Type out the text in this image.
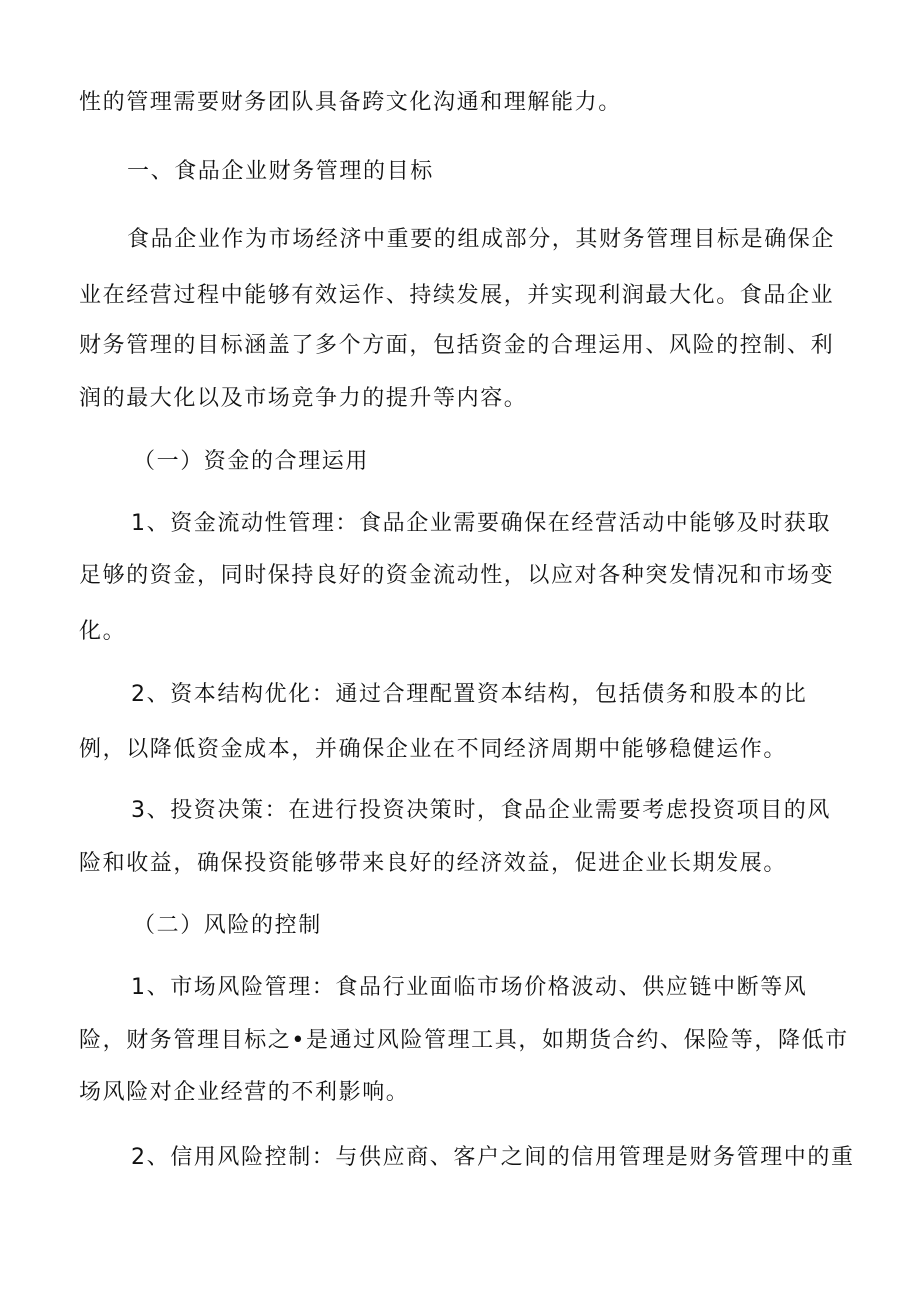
性的管理需要财务团队具备跨文化沟通和理解能力。
一、食品企业财务管理的目标
食品企业作为市场经济中重要的组成部分，其财务管理目标是确保企
业在经营过程中能够有效运作、持续发展，并实现利润最大化。食品企业
财务管理的目标涵盖了多个方面，包括资金的合理运用、风险的控制、利
润的最大化以及市场竞争力的提升等内容。
（一）资金的合理运用
1、资金流动性管理：食品企业需要确保在经营活动中能够及时获取
足够的资金，同时保持良好的资金流动性，以应对各种突发情况和市场变
化。
2、资本结构优化：通过合理配置资本结构，包括债务和股本的比
例，以降低资金成本，并确保企业在不同经济周期中能够稳健运作。
3、投资决策：在进行投资决策时，食品企业需要考虑投资项目的风
险和收益，确保投资能够带来良好的经济效益，促进企业长期发展。
（二）风险的控制
1、市场风险管理：食品行业面临市场价格波动、供应链中断等风
险，财务管理目标之•是通过风险管理工具，如期货合约、保险等，降低市
场风险对企业经营的不利影响。
2、信用风险控制：与供应商、客户之间的信用管理是财务管理中的重
